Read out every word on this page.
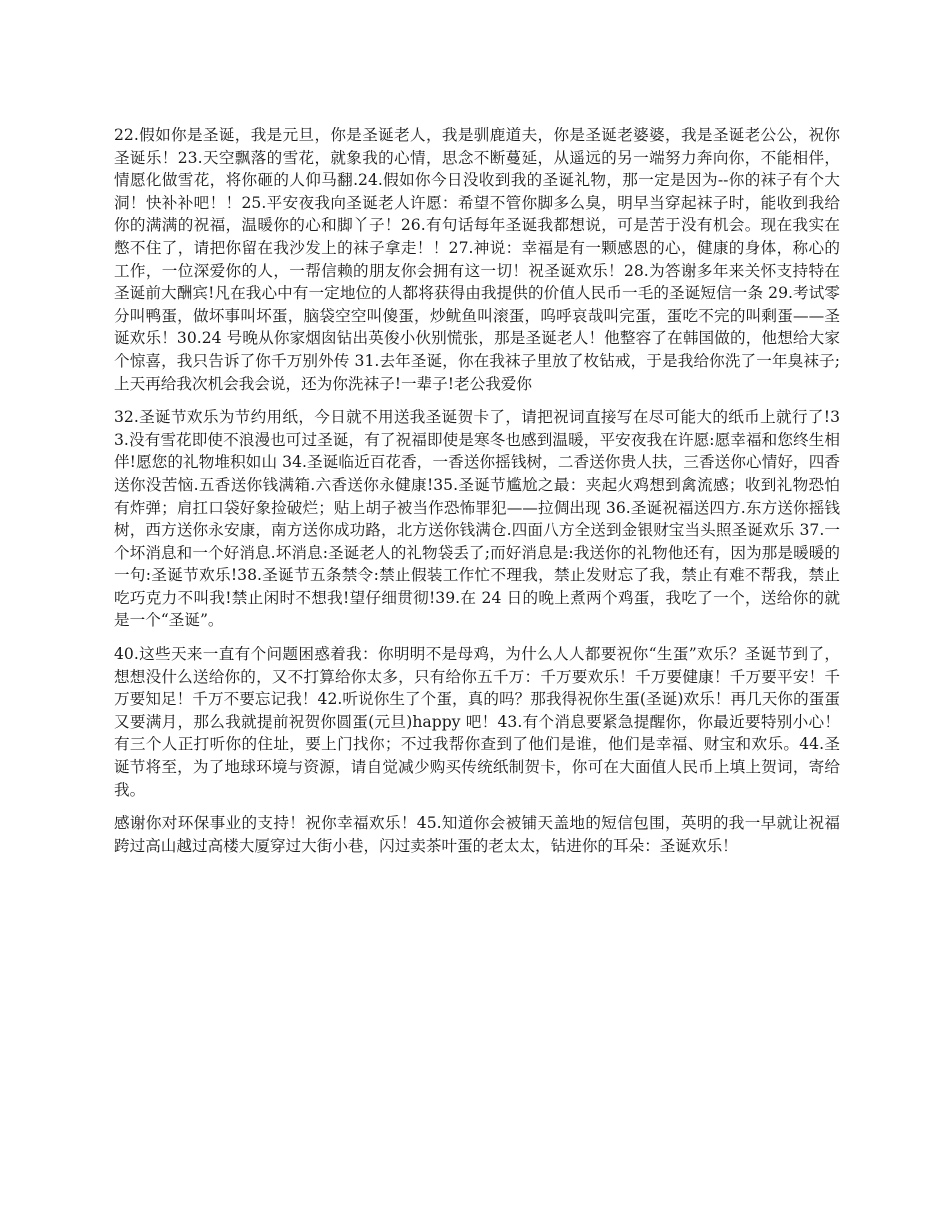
22.假如你是圣诞，我是元旦，你是圣诞老人，我是驯鹿道夫，你是圣诞老婆婆，我是圣诞老公公，祝你圣诞乐！23.天空飘落的雪花，就象我的心情，思念不断蔓延，从遥远的另一端努力奔向你，不能相伴，情愿化做雪花，将你砸的人仰马翻.24.假如你今日没收到我的圣诞礼物，那一定是因为--你的袜子有个大洞！快补补吧！！25.平安夜我向圣诞老人许愿：希望不管你脚多么臭，明早当穿起袜子时，能收到我给你的满满的祝福，温暖你的心和脚丫子！26.有句话每年圣诞我都想说，可是苦于没有机会。现在我实在憋不住了，请把你留在我沙发上的袜子拿走！！27.神说：幸福是有一颗感恩的心，健康的身体，称心的工作，一位深爱你的人，一帮信赖的朋友你会拥有这一切！祝圣诞欢乐！28.为答谢多年来关怀支持特在圣诞前大酬宾!凡在我心中有一定地位的人都将获得由我提供的价值人民币一毛的圣诞短信一条 29.考试零分叫鸭蛋，做坏事叫坏蛋，脑袋空空叫傻蛋，炒鱿鱼叫滚蛋，呜呼哀哉叫完蛋，蛋吃不完的叫剩蛋——圣诞欢乐！30.24 号晚从你家烟囱钻出英俊小伙别慌张，那是圣诞老人！他整容了在韩国做的，他想给大家个惊喜，我只告诉了你千万别外传 31.去年圣诞，你在我袜子里放了枚钻戒，于是我给你洗了一年臭袜子;上天再给我次机会我会说，还为你洗袜子!一辈子!老公我爱你

32.圣诞节欢乐为节约用纸，今日就不用送我圣诞贺卡了，请把祝词直接写在尽可能大的纸币上就行了!33.没有雪花即使不浪漫也可过圣诞，有了祝福即使是寒冬也感到温暖，平安夜我在许愿:愿幸福和您终生相伴!愿您的礼物堆积如山 34.圣诞临近百花香，一香送你摇钱树，二香送你贵人扶，三香送你心情好，四香送你没苦恼.五香送你钱满箱.六香送你永健康!35.圣诞节尴尬之最：夹起火鸡想到禽流感；收到礼物恐怕有炸弹；肩扛口袋好象捡破烂；贴上胡子被当作恐怖罪犯——拉倜出现 36.圣诞祝福送四方.东方送你摇钱树，西方送你永安康，南方送你成功路，北方送你钱满仓.四面八方全送到金银财宝当头照圣诞欢乐 37.一个坏消息和一个好消息.坏消息:圣诞老人的礼物袋丢了;而好消息是:我送你的礼物他还有，因为那是暖暖的一句:圣诞节欢乐!38.圣诞节五条禁令:禁止假装工作忙不理我，禁止发财忘了我，禁止有难不帮我，禁止吃巧克力不叫我!禁止闲时不想我!望仔细贯彻!39.在 24 日的晚上煮两个鸡蛋，我吃了一个，送给你的就是一个“圣诞”。

40.这些天来一直有个问题困惑着我：你明明不是母鸡，为什么人人都要祝你“生蛋”欢乐？圣诞节到了，想想没什么送给你的，又不打算给你太多，只有给你五千万：千万要欢乐！千万要健康！千万要平安！千万要知足！千万不要忘记我！42.听说你生了个蛋，真的吗？那我得祝你生蛋(圣诞)欢乐！再几天你的蛋蛋又要满月，那么我就提前祝贺你圆蛋(元旦)happy 吧！43.有个消息要紧急提醒你，你最近要特别小心！有三个人正打听你的住址，要上门找你；不过我帮你查到了他们是谁，他们是幸福、财宝和欢乐。44.圣诞节将至，为了地球环境与资源，请自觉减少购买传统纸制贺卡，你可在大面值人民币上填上贺词，寄给我。

感谢你对环保事业的支持！祝你幸福欢乐！45.知道你会被铺天盖地的短信包围，英明的我一早就让祝福跨过高山越过高楼大厦穿过大街小巷，闪过卖茶叶蛋的老太太，钻进你的耳朵：圣诞欢乐！
